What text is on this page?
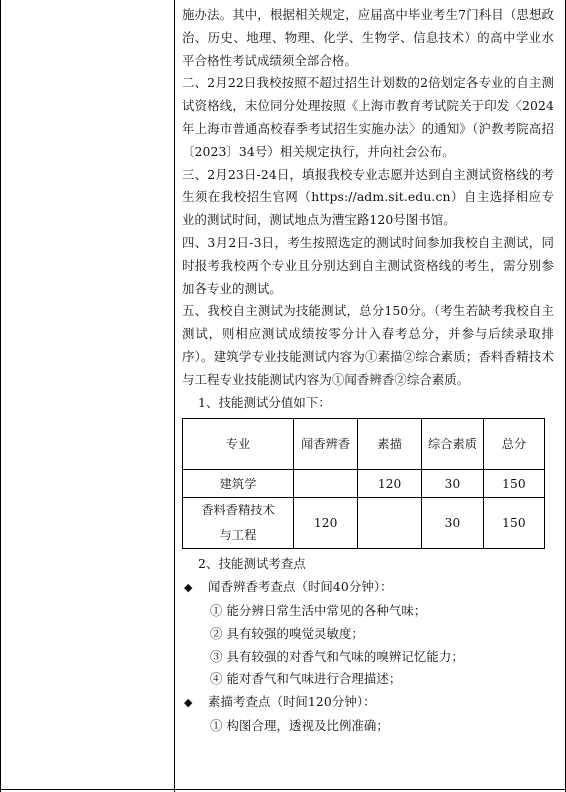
施办法。其中，根据相关规定，应届高中毕业考生7门科目（思想政治、历史、地理、物理、化学、生物学、信息技术）的高中学业水平合格性考试成绩须全部合格。

二、2月22日我校按照不超过招生计划数的2倍划定各专业的自主测试资格线，末位同分处理按照《上海市教育考试院关于印发〈2024年上海市普通高校春季考试招生实施办法〉的通知》（沪教考院高招〔2023〕34号）相关规定执行，并向社会公布。

三、2月23日-24日，填报我校专业志愿并达到自主测试资格线的考生须在我校招生官网（https://adm.sit.edu.cn）自主选择相应专业的测试时间，测试地点为漕宝路120号图书馆。

四、3月2日-3日，考生按照选定的测试时间参加我校自主测试，同时报考我校两个专业且分别达到自主测试资格线的考生，需分别参加各专业的测试。

五、我校自主测试为技能测试，总分150分。（考生若缺考我校自主测试，则相应测试成绩按零分计入春考总分，并参与后续录取排序）。建筑学专业技能测试内容为①素描②综合素质；香料香精技术与工程专业技能测试内容为①闻香辨香②综合素质。

1、技能测试分值如下：

专业	闻香辨香	素描	综合素质	总分
建筑学		120	30	150
香料香精技术与工程	120		30	150

2、技能测试考查点

◆	闻香辨香考查点（时间40分钟）：

① 能分辨日常生活中常见的各种气味；

② 具有较强的嗅觉灵敏度；

③ 具有较强的对香气和气味的嗅辨记忆能力；

④ 能对香气和气味进行合理描述；

◆	素描考查点（时间120分钟）：

① 构图合理，透视及比例准确；
